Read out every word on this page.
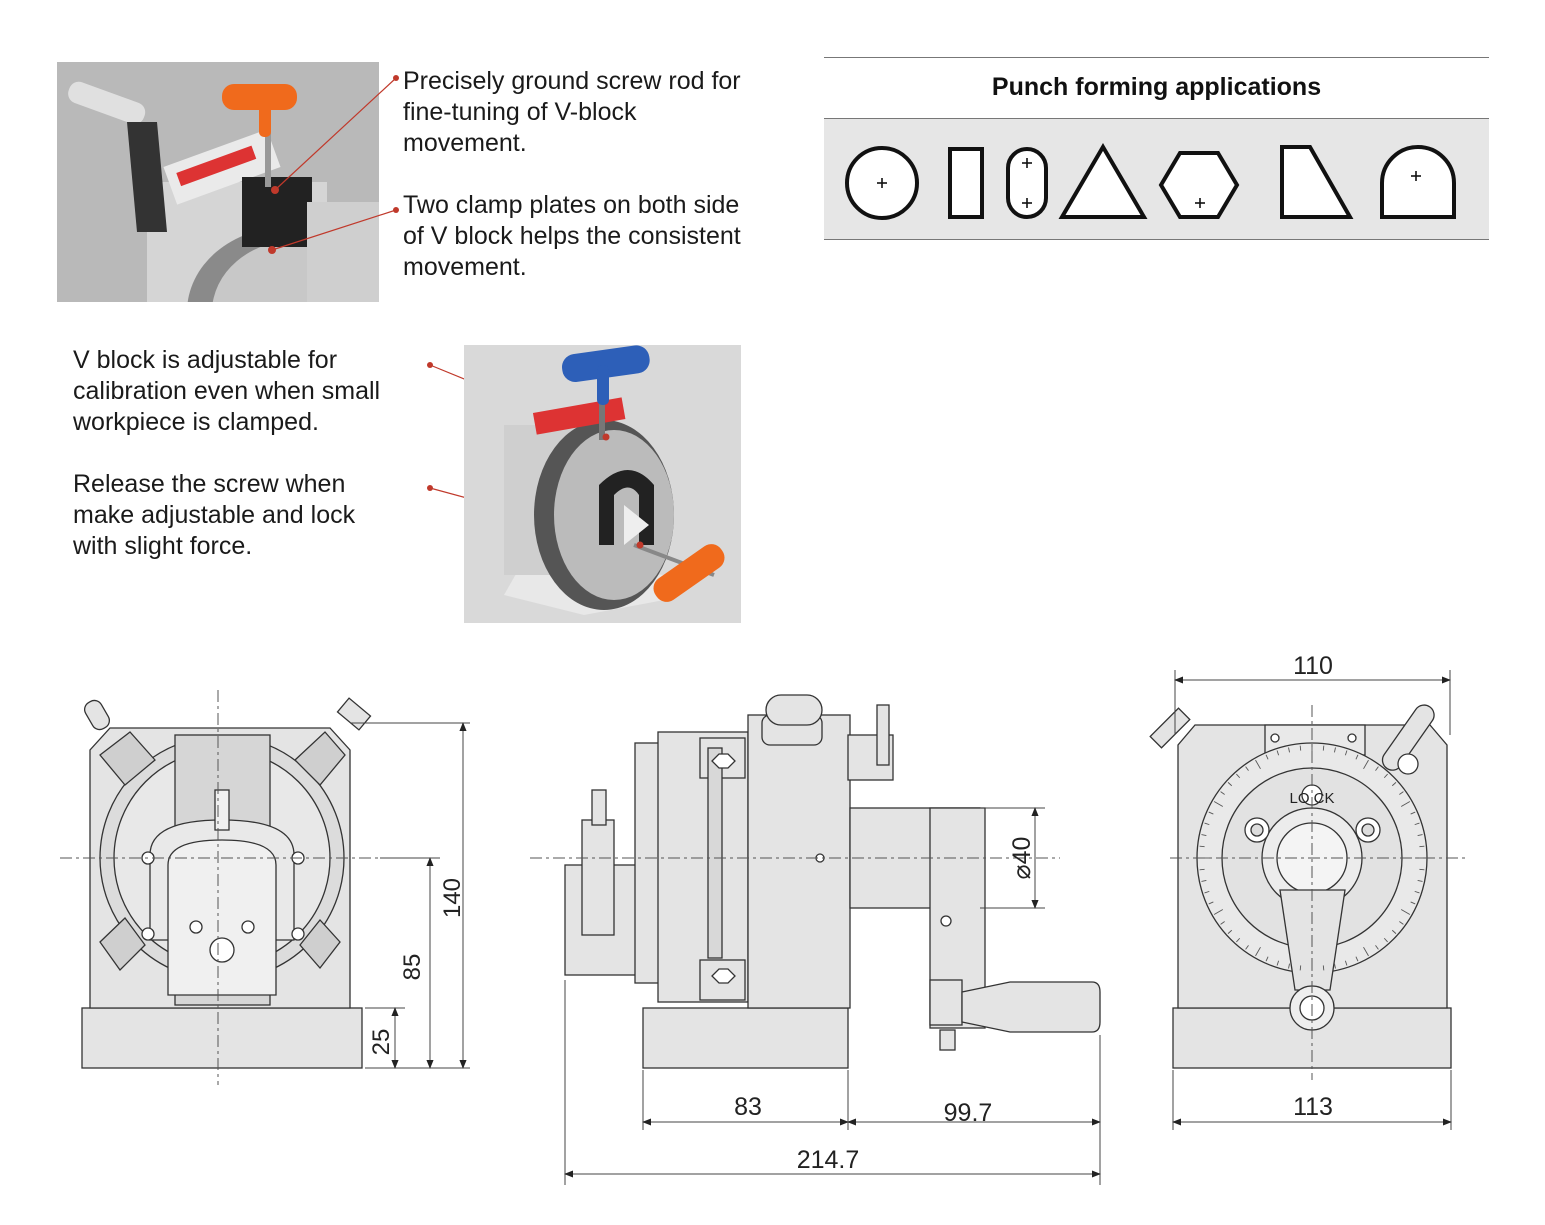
Precisely ground screw rod for fine-tuning of V-block movement.
Two clamp plates on both side of V block helps the consistent movement.
V block is adjustable for calibration even when small workpiece is clamped.
Release the screw when make adjustable and lock with slight force.
Punch forming applications
140
85
25
⌀40
83	99.7
214.7
LO CK
110
113
